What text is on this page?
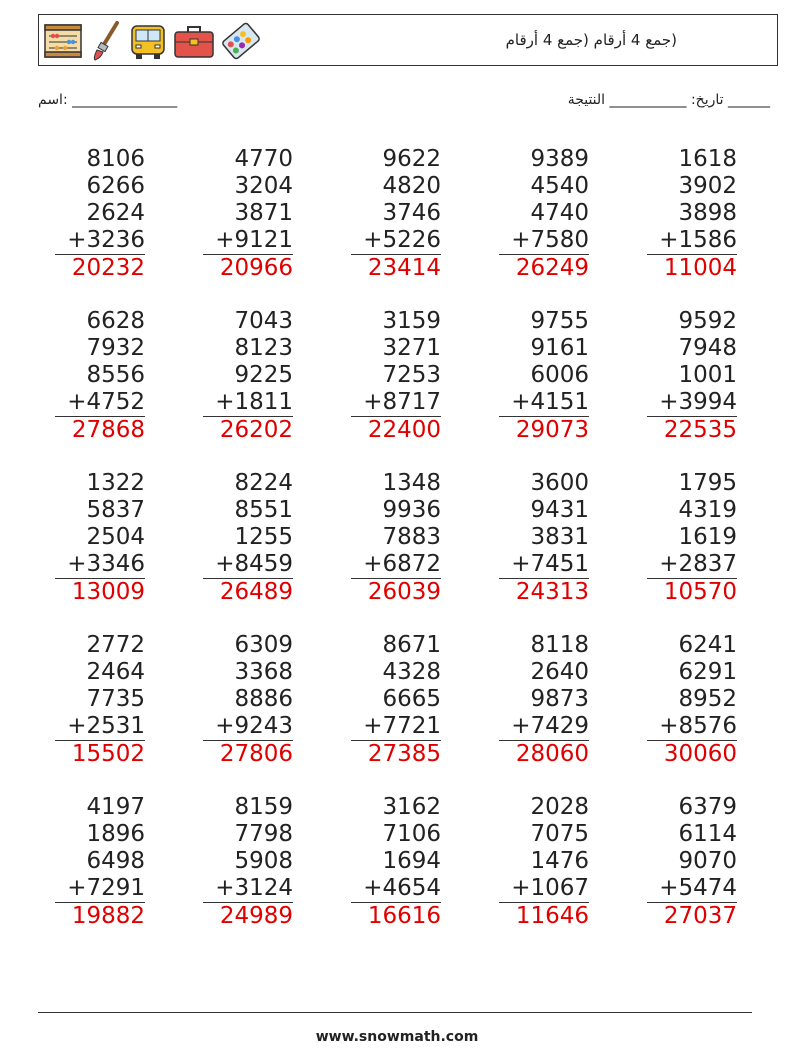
(جمع 4 أرقام (جمع 4 أرقام
اسم: _______________	تاريخ: ___________ النتيجة ______
8106
6266
2624
+3236
20232
4770
3204
3871
+9121
20966
9622
4820
3746
+5226
23414
9389
4540
4740
+7580
26249
1618
3902
3898
+1586
11004
6628
7932
8556
+4752
27868
7043
8123
9225
+1811
26202
3159
3271
7253
+8717
22400
9755
9161
6006
+4151
29073
9592
7948
1001
+3994
22535
1322
5837
2504
+3346
13009
8224
8551
1255
+8459
26489
1348
9936
7883
+6872
26039
3600
9431
3831
+7451
24313
1795
4319
1619
+2837
10570
2772
2464
7735
+2531
15502
6309
3368
8886
+9243
27806
8671
4328
6665
+7721
27385
8118
2640
9873
+7429
28060
6241
6291
8952
+8576
30060
4197
1896
6498
+7291
19882
8159
7798
5908
+3124
24989
3162
7106
1694
+4654
16616
2028
7075
1476
+1067
11646
6379
6114
9070
+5474
27037
www.snowmath.com
